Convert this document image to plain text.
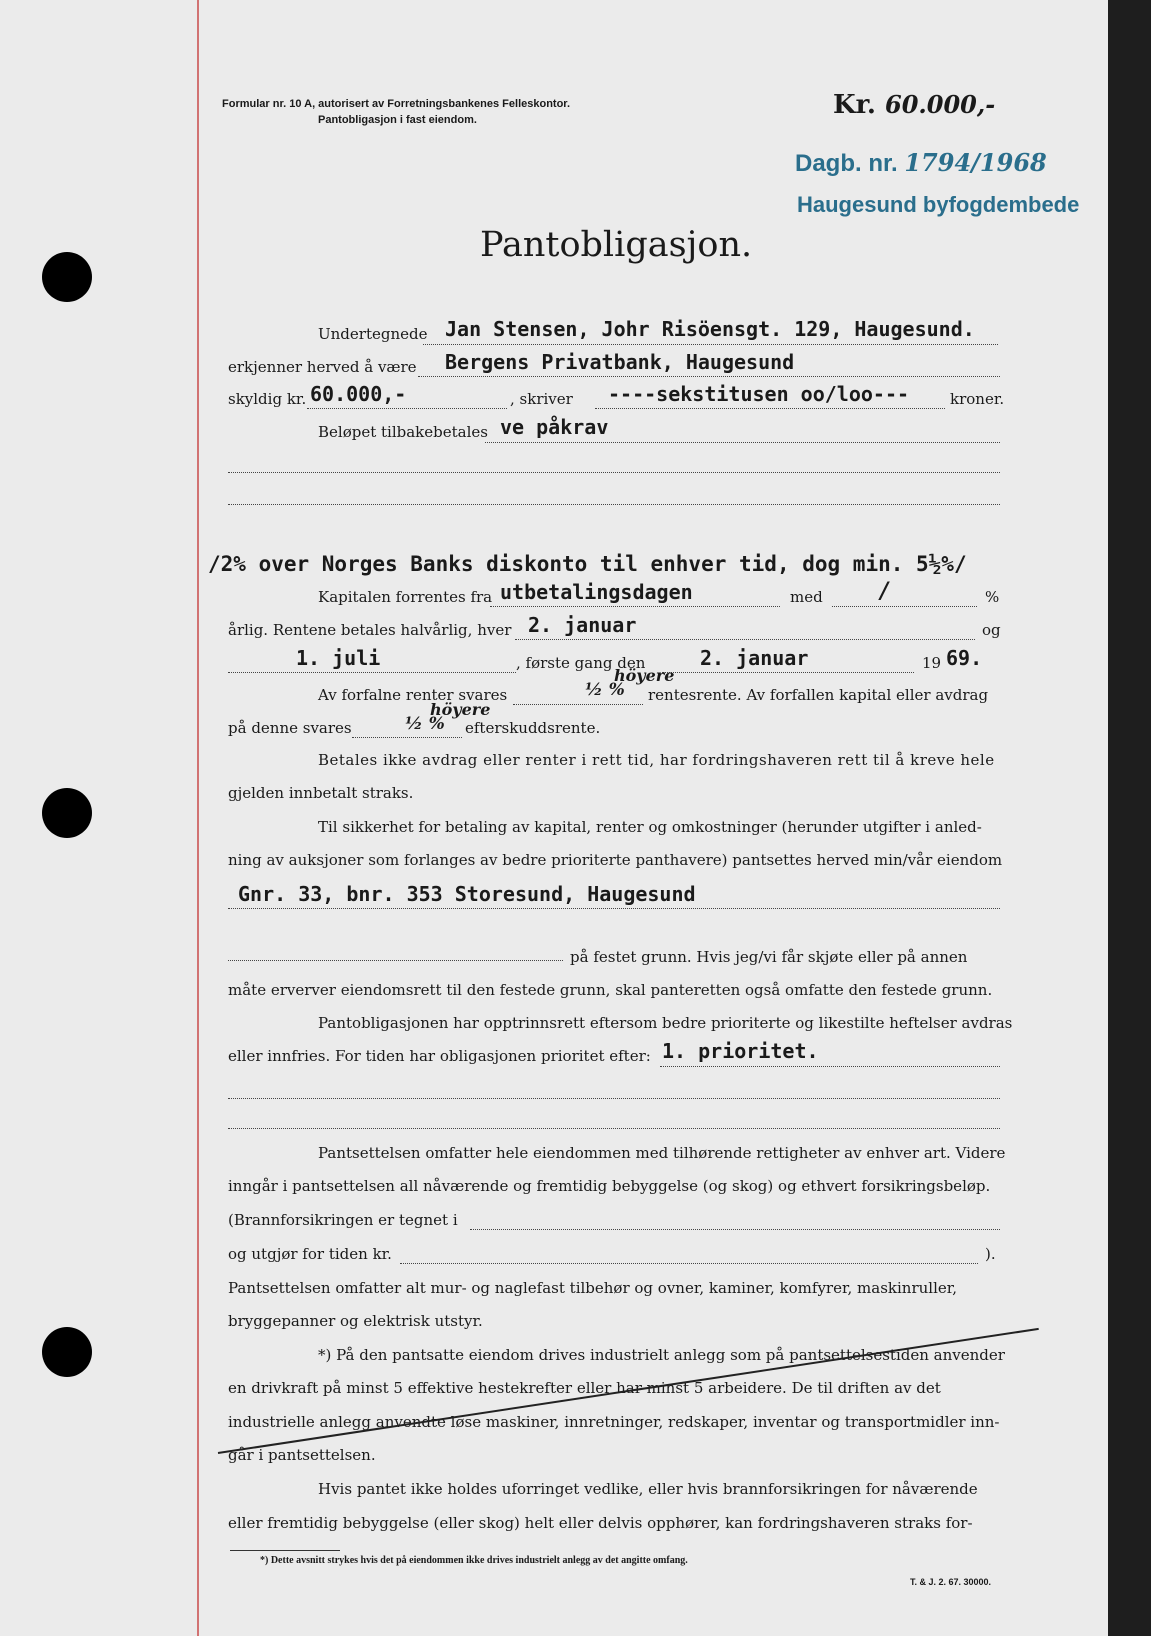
Formular nr. 10 A, autorisert av Forretningsbankenes Felleskontor.
Pantobligasjon i fast eiendom.	Kr. 60.000,-
Dagb. nr. 1794/1968
Haugesund byfogdembede
Pantobligasjon.
Undertegnede Jan Stensen, Johr Risöensgt. 129, Haugesund.
erkjenner herved å være Bergens Privatbank, Haugesund
skyldig kr. 60.000,-	, skriver ----sekstitusen oo/loo---	kroner.
Beløpet tilbakebetales ve påkrav
/2% over Norges Banks diskonto til enhver tid, dog min. 5½%/
Kapitalen forrentes fra utbetalingsdagen	med	/	%
årlig. Rentene betales halvårlig, hver 2. januar	og
1. juli	, første gang den	2. januar	19 69.
Av forfalne renter svares	½ %
höyere
rentesrente. Av forfallen kapital eller avdrag
på denne svares	½ %
höyere
efterskuddsrente.
Betales ikke avdrag eller renter i rett tid, har fordringshaveren rett til å kreve hele
gjelden innbetalt straks.
Til sikkerhet for betaling av kapital, renter og omkostninger (herunder utgifter i anled-
ning av auksjoner som forlanges av bedre prioriterte panthavere) pantsettes herved min/vår eiendom
Gnr. 33, bnr. 353 Storesund, Haugesund
på festet grunn. Hvis jeg/vi får skjøte eller på annen
måte erverver eiendomsrett til den festede grunn, skal panteretten også omfatte den festede grunn.
Pantobligasjonen har opptrinnsrett eftersom bedre prioriterte og likestilte heftelser avdras
eller innfries. For tiden har obligasjonen prioritet efter: 1. prioritet.
Pantsettelsen omfatter hele eiendommen med tilhørende rettigheter av enhver art. Videre
inngår i pantsettelsen all nåværende og fremtidig bebyggelse (og skog) og ethvert forsikringsbeløp.
(Brannforsikringen er tegnet i
og utgjør for tiden kr.	).
Pantsettelsen omfatter alt mur- og naglefast tilbehør og ovner, kaminer, komfyrer, maskinruller,
bryggepanner og elektrisk utstyr.
*) På den pantsatte eiendom drives industrielt anlegg som på pantsettelsestiden anvender
en drivkraft på minst 5 effektive hestekrefter eller har minst 5 arbeidere. De til driften av det
industrielle anlegg anvendte løse maskiner, innretninger, redskaper, inventar og transportmidler inn-
går i pantsettelsen.
Hvis pantet ikke holdes uforringet vedlike, eller hvis brannforsikringen for nåværende
eller fremtidig bebyggelse (eller skog) helt eller delvis opphører, kan fordringshaveren straks for-
*) Dette avsnitt strykes hvis det på eiendommen ikke drives industrielt anlegg av det angitte omfang.
T. & J. 2. 67. 30000.
